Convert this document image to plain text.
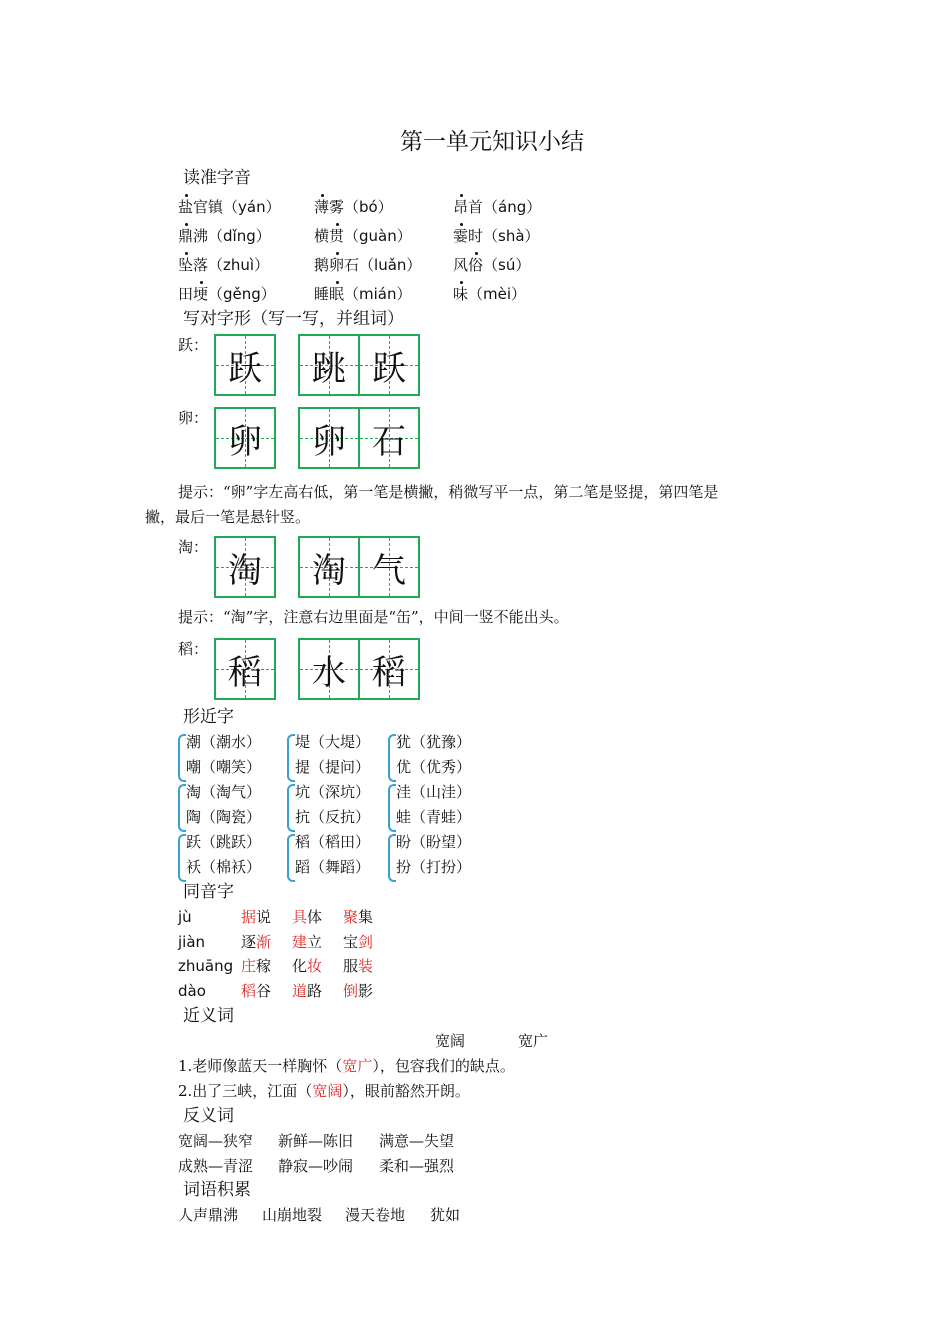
第一单元知识小结
读准字音
写对字形（写一写，并组词）
提示：“卵”字左高右低，第一笔是横撇，稍微写平一点，第二笔是竖提，第四笔是
撇，最后一笔是悬针竖。
提示：“淘”字，注意右边里面是“缶”，中间一竖不能出头。
形近字
同音字
近义词
宽阔	宽广
反义词
词语积累
盐官镇（yán） 薄雾（bó）	昂首（áng）
鼎沸（dǐng）	横贯（guàn）	霎时（shà）
坠落（zhuì）	鹅卵石（luǎn） 风俗（sú）
田埂（gěng）	睡眠（mián）	味（mèi）
跃：
跃 跳 跃
卵：
卵 卵 石
淘：
淘 淘 气
稻：
稻 水 稻
潮（潮水）
嘲（嘲笑）
堤（大堤）
提（提问）
犹（犹豫）
优（优秀）
淘（淘气）
陶（陶瓷）
坑（深坑）
抗（反抗）
洼（山洼）
蛙（青蛙）
跃（跳跃）
袄（棉袄）
稻（稻田）
蹈（舞蹈）
盼（盼望）
扮（打扮）
jù	据说 具体 聚集
jiàn 逐渐 建立 宝剑
zhuāng 庄稼 化妆 服装
dào 稻谷 道路 倒影
1.老师像蓝天一样胸怀（宽广），包容我们的缺点。
2.出了三峡，江面（宽阔），眼前豁然开朗。
宽阔—狭窄 新鲜—陈旧 满意—失望
成熟—青涩 静寂—吵闹 柔和—强烈
人声鼎沸 山崩地裂 漫天卷地 犹如
